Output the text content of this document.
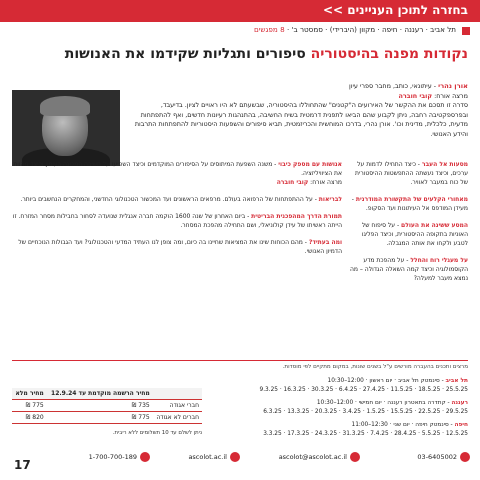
בחזרה לתוכן העניינים >>
תל אביב · רעננה · חיפה · מקוון (היברידי) · סמסטר ב' · 8 מפגשים
נקודות מפנה בהיסטוריה סיפורים ותגליות שקידמו את האנושות
אורן נהרי - עיתונאי, כותב, מחבר ספרי עיון
מרצה אורח: קובי חוברה
סדרה זו תסכם את ההקשר של האירועים ה"קטנים" שהתחוללו בהיסטוריה, שבשעתם לא היו ראויים לציון. בדיעבד, ובפרספקטיבה רחבה, ניתן לקבוע שהם הביאו לתפנית דרמטית בשיח החשיבה, בהתנהגות רעיונות חדשים, ואף להתפתחות מדעית, כלכלית, מדינית וכו'. אורן נהרי, בדרכו המוחשית והכריזמטית, תביא סיפורים והשפעות היסטוריות להתפתחות התרבות והידע האנושי.
מסעות אל העבר - כיצד התחילו לדמות על ערכים, וכיצד נעשתה ההתפשטות ההיסטורית של כוח במעבר לאוויר.
מאחורי הקלעים של התקשורת המודרנית - מעידן המודפס אל העיתונות ועד הסקופ.
המסע ששינה את העולם - על סיפוח של האוניות בתקופה ההיסטורית, וכיצד הפליגו לטבע ולקחו את אותה המגבלה.
על מעגלי רוח והחלל - על מהפכת מדע הקוסמולוגיה וכיצד קמה השאלה הגדולה – מה נמצא מעבר למעלה?
אנושות עם מספק כיבוי - משנה השפעת המיתוסים על הסיפורים המוקדמים וכיצד השפיעו על חשיבה המכונה בעיתון וכיצד מהוות את הציוויליזציה.
מרצה אורח: קובי חוברה
לבריאות - על ההתפתחות של הרפואה בעולם. מרפאים הראשונים ועד המכשור הטכנולוגי החדשני, והמחקרים הנחשבים ביותר.
תמורת הדרך המהפכנית הבריטית - ביום האחרון של שנה 1600 הוקמה חברה אנגלית שנועדה לסחור בחבילות מסחר המזרח. זו הייתה ראשיתו של עידן קולוניאלי, ושם התחילה מהפכת המסחר.
ומה בעתיד? - מהם הכוחות שינו את המציאות שחיינו בה כיום, ומה צופן לנו העתיד המדעי והטכנולוגי? ועד הגבולות הנוכחיים של הדמיון האנושי.
מרצים ותכנים בהעברה מורשים ע"ל בשנים שונות, במקום מתקיים לפי מוסדות.
תל אביב - סינמטק תל אביב · יום ראשון · 12:00–10:30
25.5.25 · 18.5.25 · 11.5.25 · 27.4.25 · 6.4.25 · 30.3.25 · 16.3.25 · 9.3.25
רעננה - קתדרה בתאטרון רעננה · יום חמישי · 12:00–10:30
29.5.25 · 22.5.25 · 15.5.25 · 1.5.25 · 3.4.25 · 20.3.25 · 13.3.25 · 6.3.25
חיפה - סינמטק חיפה · יום שני · 12:30–11:00
12.5.25 · 5.5.25 · 28.4.25 · 7.4.25 · 31.3.25 · 24.3.25 · 17.3.25 · 3.3.25
	מחיר הרשמה מוקדמת עד 12.9.24	מחיר מלא
חברי אגודה	735 ₪	775 ₪
חברים לא אגודה	775 ₪	820 ₪
ניתן לשלם עד 10 תשלומים ללא ריבית.
03-6405002
ascolot@ascolot.ac.il
ascolot.ac.il
1-700-700-189
17
